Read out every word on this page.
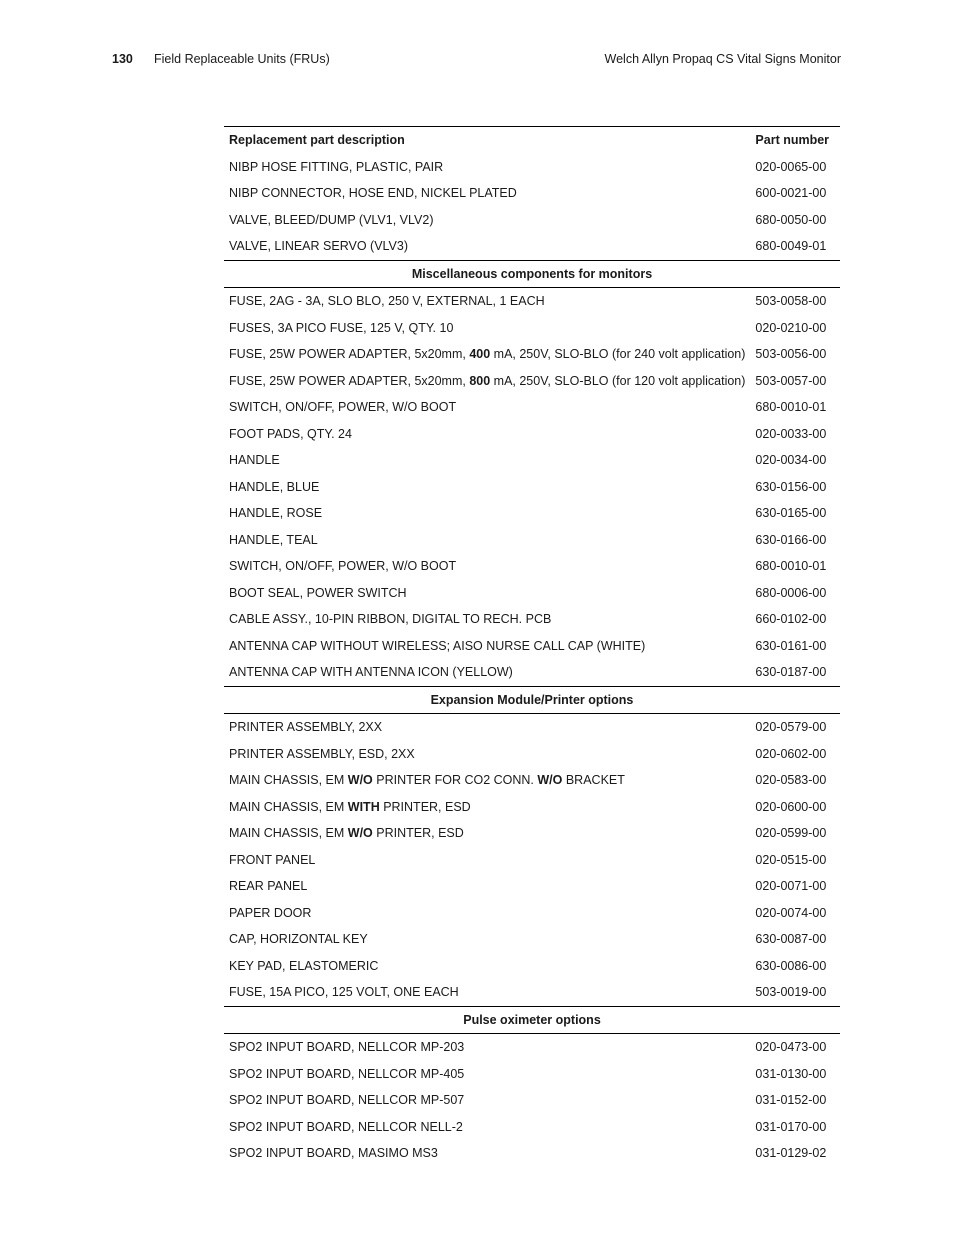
130 Field Replaceable Units (FRUs)	Welch Allyn Propaq CS Vital Signs Monitor
Replacement part description	Part number
NIBP HOSE FITTING, PLASTIC, PAIR	020-0065-00
NIBP CONNECTOR, HOSE END, NICKEL PLATED	600-0021-00
VALVE, BLEED/DUMP (VLV1, VLV2)	680-0050-00
VALVE, LINEAR SERVO (VLV3)	680-0049-01
Miscellaneous components for monitors	
FUSE, 2AG - 3A, SLO BLO, 250 V, EXTERNAL, 1 EACH	503-0058-00
FUSES, 3A PICO FUSE, 125 V, QTY. 10	020-0210-00
FUSE, 25W POWER ADAPTER, 5x20mm, 400 mA, 250V, SLO-BLO (for 240 volt application)	503-0056-00
FUSE, 25W POWER ADAPTER, 5x20mm, 800 mA, 250V, SLO-BLO (for 120 volt application)	503-0057-00
SWITCH, ON/OFF, POWER, W/O BOOT	680-0010-01
FOOT PADS, QTY. 24	020-0033-00
HANDLE	020-0034-00
HANDLE, BLUE	630-0156-00
HANDLE, ROSE	630-0165-00
HANDLE, TEAL	630-0166-00
SWITCH, ON/OFF, POWER, W/O BOOT	680-0010-01
BOOT SEAL, POWER SWITCH	680-0006-00
CABLE ASSY., 10-PIN RIBBON, DIGITAL TO RECH. PCB	660-0102-00
ANTENNA CAP WITHOUT WIRELESS; AISO NURSE CALL CAP (WHITE)	630-0161-00
ANTENNA CAP WITH ANTENNA ICON (YELLOW)	630-0187-00
Expansion Module/Printer options	
PRINTER ASSEMBLY, 2XX	020-0579-00
PRINTER ASSEMBLY, ESD, 2XX	020-0602-00
MAIN CHASSIS, EM W/O PRINTER FOR CO2 CONN. W/O BRACKET	020-0583-00
MAIN CHASSIS, EM WITH PRINTER, ESD	020-0600-00
MAIN CHASSIS, EM W/O PRINTER, ESD	020-0599-00
FRONT PANEL	020-0515-00
REAR PANEL	020-0071-00
PAPER DOOR	020-0074-00
CAP, HORIZONTAL KEY	630-0087-00
KEY PAD, ELASTOMERIC	630-0086-00
FUSE, 15A PICO, 125 VOLT, ONE EACH	503-0019-00
Pulse oximeter options	
SPO2 INPUT BOARD, NELLCOR MP-203	020-0473-00
SPO2 INPUT BOARD, NELLCOR MP-405	031-0130-00
SPO2 INPUT BOARD, NELLCOR MP-507	031-0152-00
SPO2 INPUT BOARD, NELLCOR NELL-2	031-0170-00
SPO2 INPUT BOARD, MASIMO MS3	031-0129-02
